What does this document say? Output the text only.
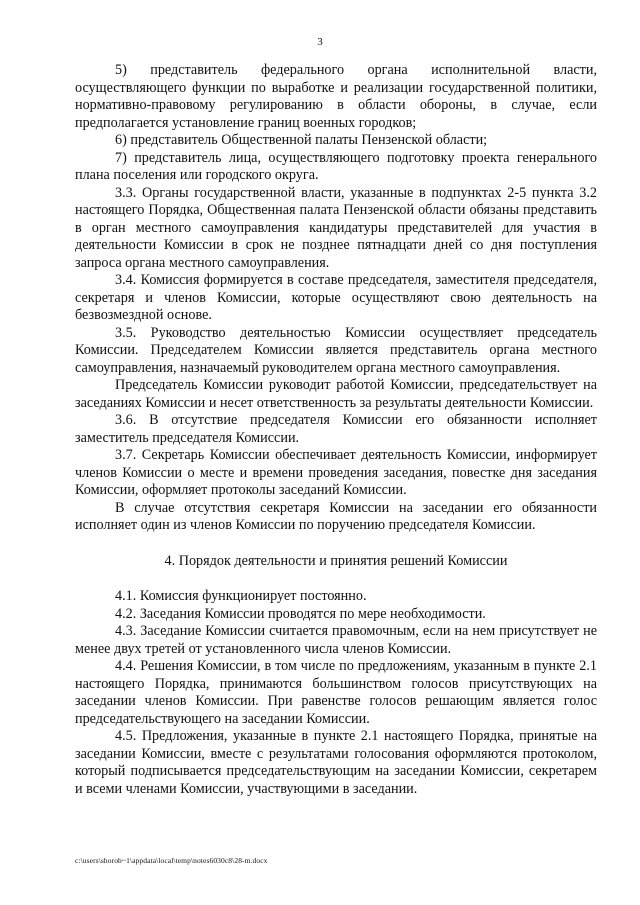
3

5) представитель федерального органа исполнительной власти, осуществляющего функции по выработке и реализации государственной политики, нормативно-правовому регулированию в области обороны, в случае, если предполагается установление границ военных городков;

6) представитель Общественной палаты Пензенской области;

7) представитель лица, осуществляющего подготовку проекта генерального плана поселения или городского округа.

3.3. Органы государственной власти, указанные в подпунктах 2-5 пункта 3.2 настоящего Порядка, Общественная палата Пензенской области обязаны представить в орган местного самоуправления кандидатуры представителей для участия в деятельности Комиссии в срок не позднее пятнадцати дней со дня поступления запроса органа местного самоуправления.

3.4. Комиссия формируется в составе председателя, заместителя председателя, секретаря и членов Комиссии, которые осуществляют свою деятельность на безвозмездной основе.

3.5. Руководство деятельностью Комиссии осуществляет председатель Комиссии. Председателем Комиссии является представитель органа местного самоуправления, назначаемый руководителем органа местного самоуправления.

Председатель Комиссии руководит работой Комиссии, председательствует на заседаниях Комиссии и несет ответственность за результаты деятельности Комиссии.

3.6. В отсутствие председателя Комиссии его обязанности исполняет заместитель председателя Комиссии.

3.7. Секретарь Комиссии обеспечивает деятельность Комиссии, информирует членов Комиссии о месте и времени проведения заседания, повестке дня заседания Комиссии, оформляет протоколы заседаний Комиссии.

В случае отсутствия секретаря Комиссии на заседании его обязанности исполняет один из членов Комиссии по поручению председателя Комиссии.

4. Порядок деятельности и принятия решений Комиссии

4.1. Комиссия функционирует постоянно.

4.2. Заседания Комиссии проводятся по мере необходимости.

4.3. Заседание Комиссии считается правомочным, если на нем присутствует не менее двух третей от установленного числа членов Комиссии.

4.4. Решения Комиссии, в том числе по предложениям, указанным в пункте 2.1 настоящего Порядка, принимаются большинством голосов присутствующих на заседании членов Комиссии. При равенстве голосов решающим является голос председательствующего на заседании Комиссии.

4.5. Предложения, указанные в пункте 2.1 настоящего Порядка, принятые на заседании Комиссии, вместе с результатами голосования оформляются протоколом, который подписывается председательствующим на заседании Комиссии, секретарем и всеми членами Комиссии, участвующими в заседании.

c:\users\shorob~1\appdata\local\temp\notes6030c8\28-m.docx
